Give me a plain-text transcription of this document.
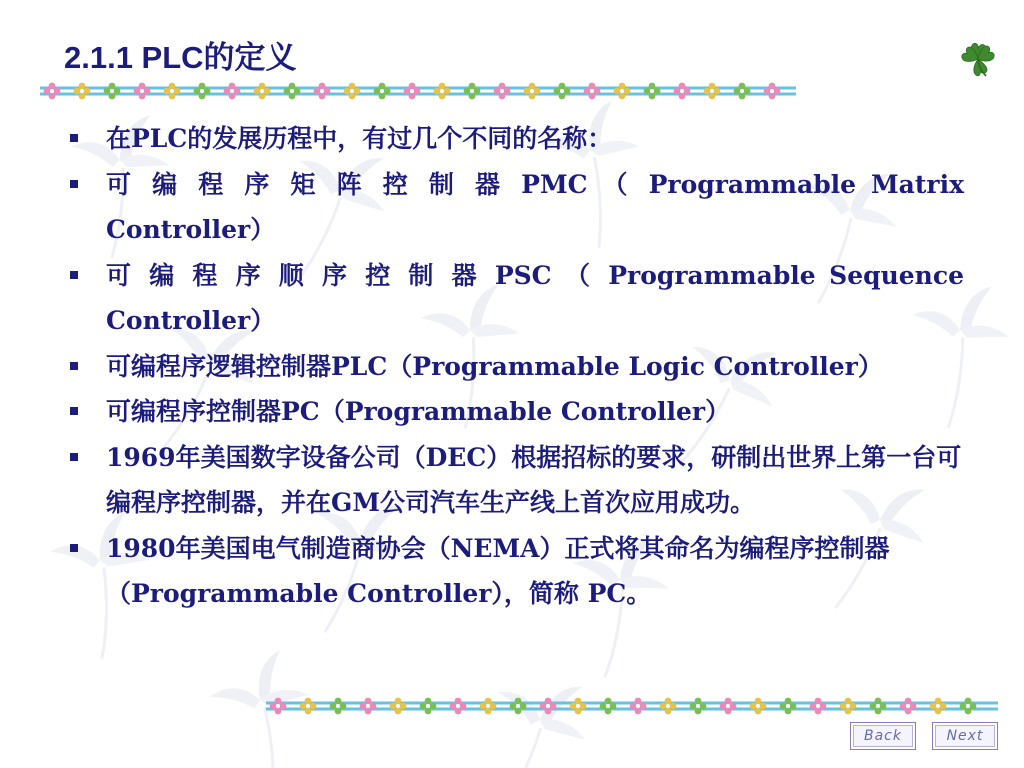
2.1.1 PLC的定义
在PLC的发展历程中，有过几个不同的名称：
可 编 程 序 矩 阵 控 制 器 PMC （ Programmable Matrix Controller）
可 编 程 序 顺 序 控 制 器 PSC （ Programmable Sequence Controller）
可编程序逻辑控制器PLC（Programmable Logic Controller）
可编程序控制器PC（Programmable Controller）
1969年美国数字设备公司（DEC）根据招标的要求，研制出世界上第一台可编程序控制器，并在GM公司汽车生产线上首次应用成功。
1980年美国电气制造商协会（NEMA）正式将其命名为编程序控制器（Programmable Controller），简称 PC。
Back	Next
